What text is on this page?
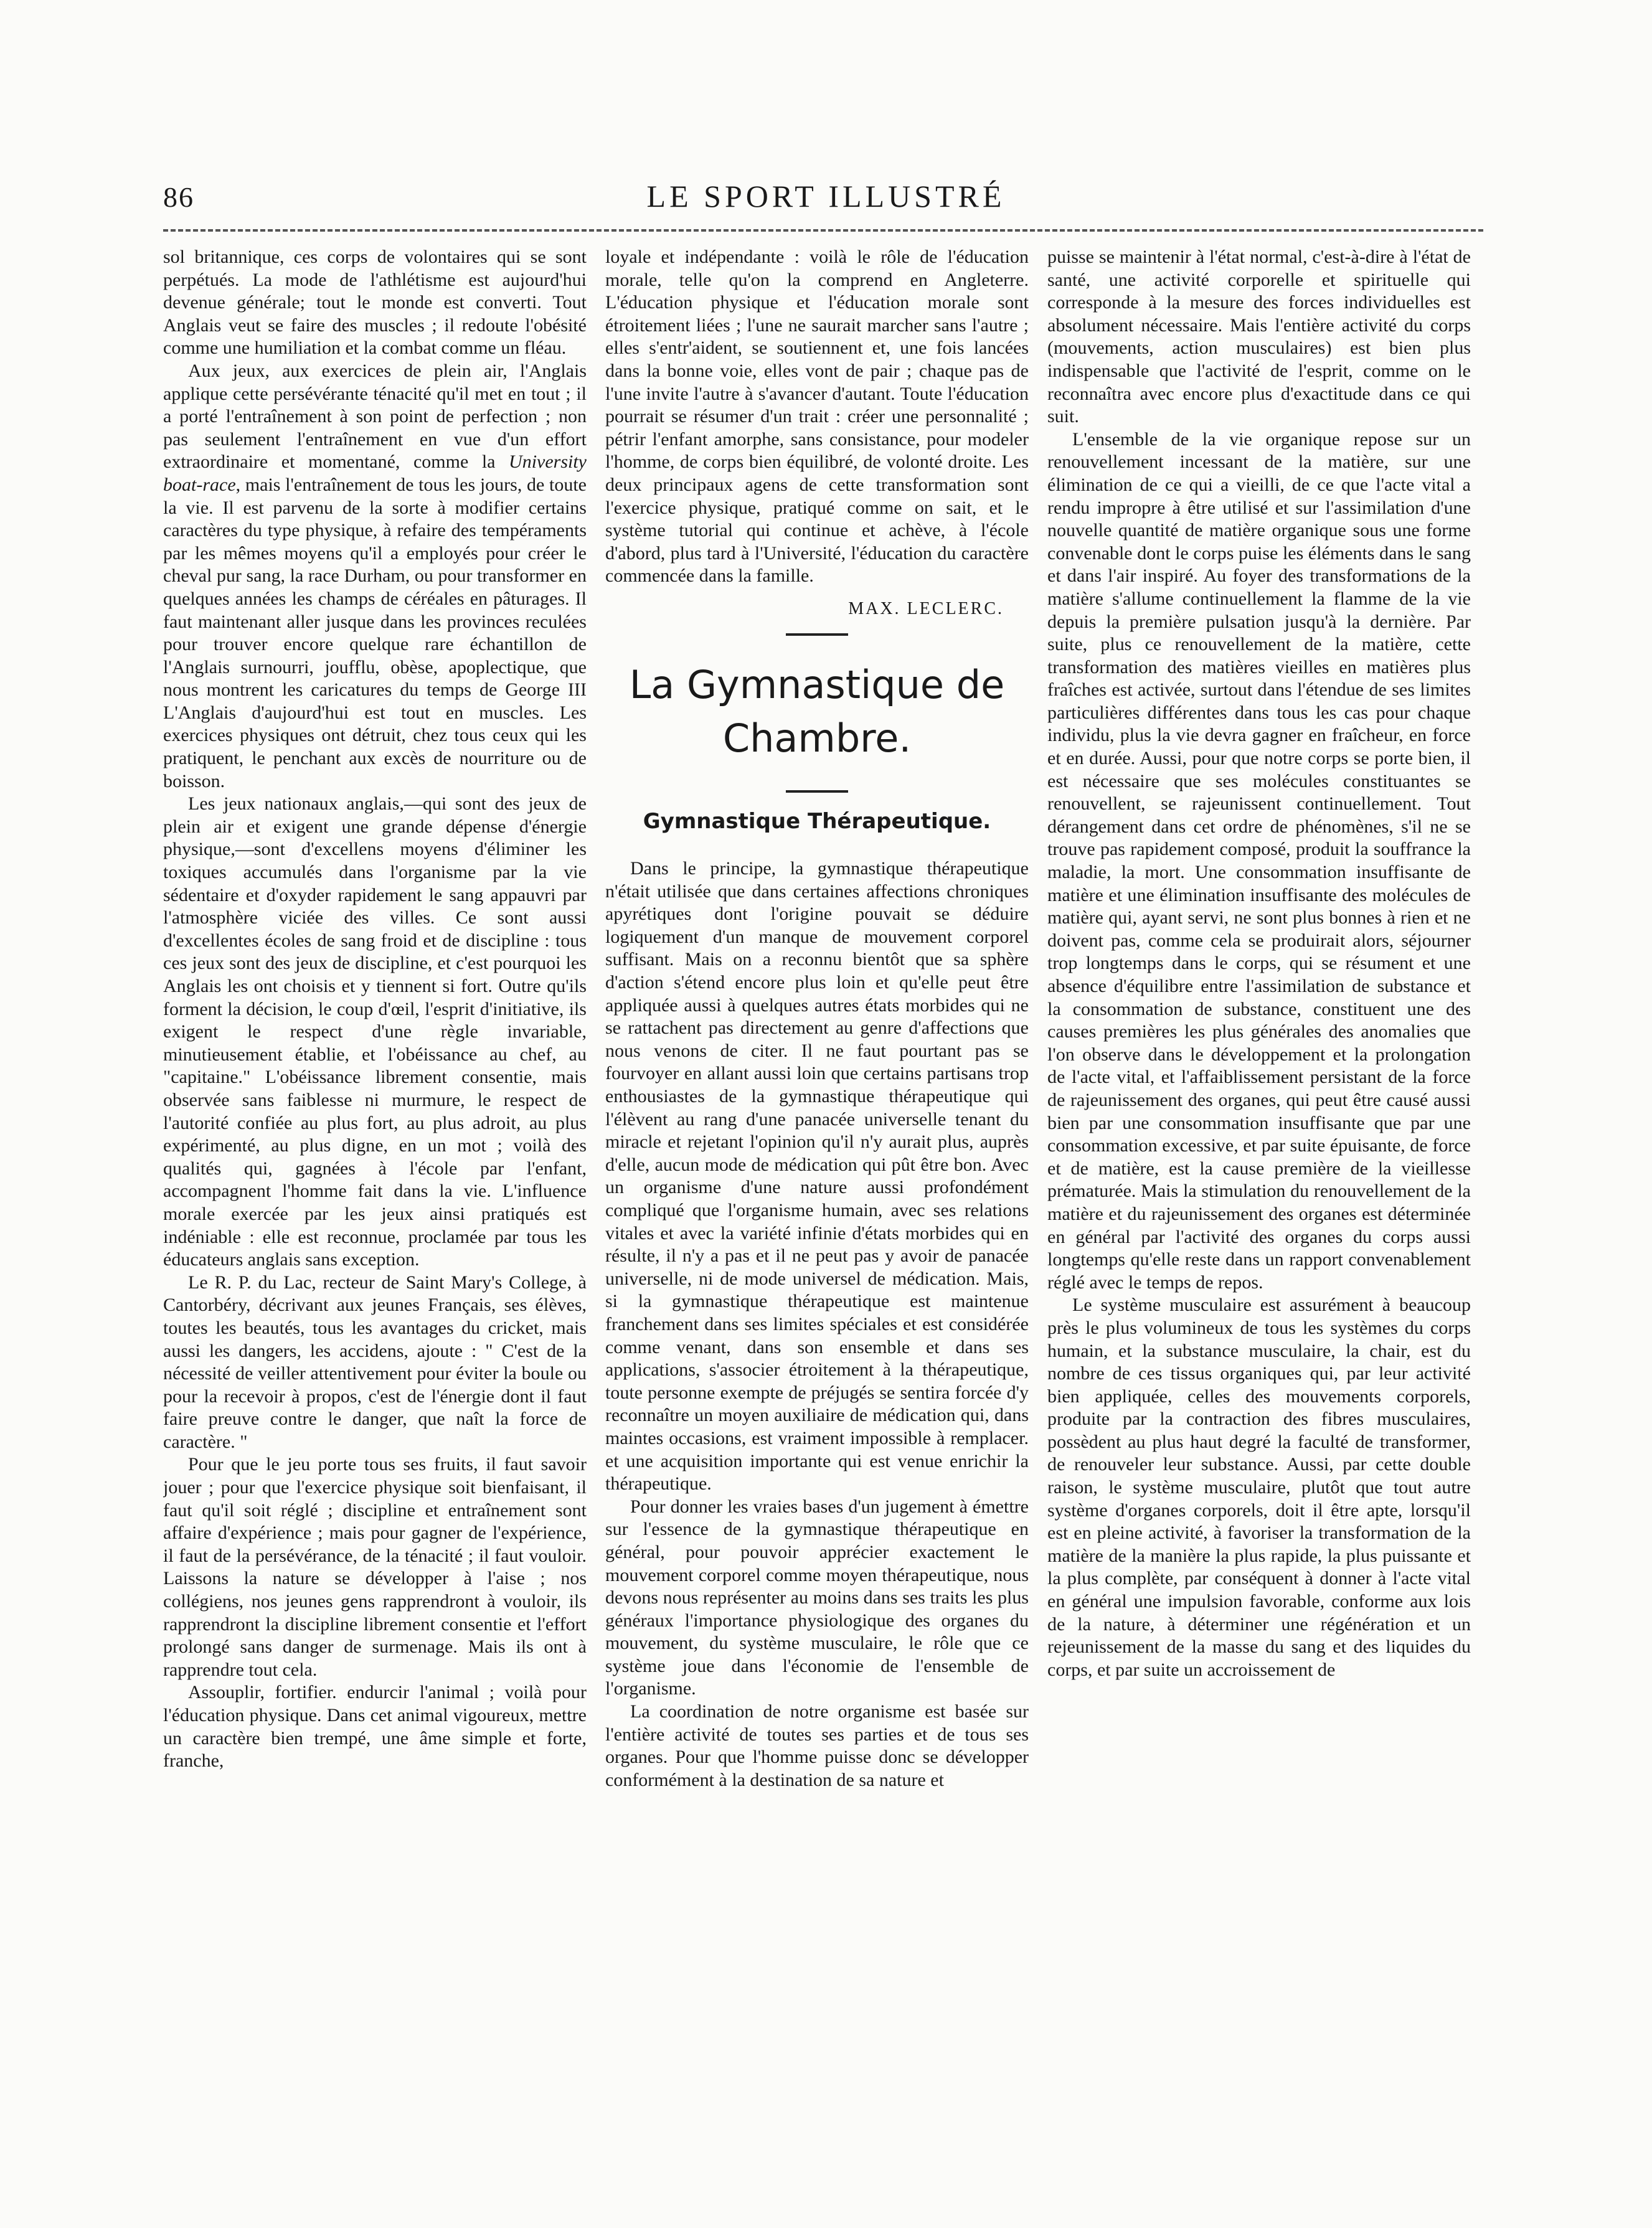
86	LE SPORT ILLUSTRÉ

sol britannique, ces corps de volontaires qui se sont perpétués. La mode de l'athlétisme est aujourd'hui devenue générale; tout le monde est converti. Tout Anglais veut se faire des muscles ; il redoute l'obésité comme une humiliation et la combat comme un fléau.

Aux jeux, aux exercices de plein air, l'Anglais applique cette persévérante ténacité qu'il met en tout ; il a porté l'entraînement à son point de perfection ; non pas seulement l'entraînement en vue d'un effort extraordinaire et momentané, comme la University boat-race, mais l'entraînement de tous les jours, de toute la vie. Il est parvenu de la sorte à modifier certains caractères du type physique, à refaire des tempéraments par les mêmes moyens qu'il a employés pour créer le cheval pur sang, la race Durham, ou pour transformer en quelques années les champs de céréales en pâturages. Il faut maintenant aller jusque dans les provinces reculées pour trouver encore quelque rare échantillon de l'Anglais surnourri, joufflu, obèse, apoplectique, que nous montrent les caricatures du temps de George III L'Anglais d'aujourd'hui est tout en muscles. Les exercices physiques ont détruit, chez tous ceux qui les pratiquent, le penchant aux excès de nourriture ou de boisson.

Les jeux nationaux anglais,—qui sont des jeux de plein air et exigent une grande dépense d'énergie physique,—sont d'excellens moyens d'éliminer les toxiques accumulés dans l'organisme par la vie sédentaire et d'oxyder rapidement le sang appauvri par l'atmosphère viciée des villes. Ce sont aussi d'excellentes écoles de sang froid et de discipline : tous ces jeux sont des jeux de discipline, et c'est pourquoi les Anglais les ont choisis et y tiennent si fort. Outre qu'ils forment la décision, le coup d'œil, l'esprit d'initiative, ils exigent le respect d'une règle invariable, minutieusement établie, et l'obéissance au chef, au "capitaine." L'obéissance librement consentie, mais observée sans faiblesse ni murmure, le respect de l'autorité confiée au plus fort, au plus adroit, au plus expérimenté, au plus digne, en un mot ; voilà des qualités qui, gagnées à l'école par l'enfant, accompagnent l'homme fait dans la vie. L'influence morale exercée par les jeux ainsi pratiqués est indéniable : elle est reconnue, proclamée par tous les éducateurs anglais sans exception.

Le R. P. du Lac, recteur de Saint Mary's College, à Cantorbéry, décrivant aux jeunes Français, ses élèves, toutes les beautés, tous les avantages du cricket, mais aussi les dangers, les accidens, ajoute : " C'est de la nécessité de veiller attentivement pour éviter la boule ou pour la recevoir à propos, c'est de l'énergie dont il faut faire preuve contre le danger, que naît la force de caractère. "

Pour que le jeu porte tous ses fruits, il faut savoir jouer ; pour que l'exercice physique soit bienfaisant, il faut qu'il soit réglé ; discipline et entraînement sont affaire d'expérience ; mais pour gagner de l'expérience, il faut de la persévérance, de la ténacité ; il faut vouloir. Laissons la nature se développer à l'aise ; nos collégiens, nos jeunes gens rapprendront à vouloir, ils rapprendront la discipline librement consentie et l'effort prolongé sans danger de surmenage. Mais ils ont à rapprendre tout cela.

Assouplir, fortifier. endurcir l'animal ; voilà pour l'éducation physique. Dans cet animal vigoureux, mettre un caractère bien trempé, une âme simple et forte, franche,

loyale et indépendante : voilà le rôle de l'éducation morale, telle qu'on la comprend en Angleterre. L'éducation physique et l'éducation morale sont étroitement liées ; l'une ne saurait marcher sans l'autre ; elles s'entr'aident, se soutiennent et, une fois lancées dans la bonne voie, elles vont de pair ; chaque pas de l'une invite l'autre à s'avancer d'autant. Toute l'éducation pourrait se résumer d'un trait : créer une personnalité ; pétrir l'enfant amorphe, sans consistance, pour modeler l'homme, de corps bien équilibré, de volonté droite. Les deux principaux agens de cette transformation sont l'exercice physique, pratiqué comme on sait, et le système tutorial qui continue et achève, à l'école d'abord, plus tard à l'Université, l'éducation du caractère commencée dans la famille.

MAX. LECLERC.
La Gymnastique de
Chambre.
Gymnastique Thérapeutique.

Dans le principe, la gymnastique thérapeutique n'était utilisée que dans certaines affections chroniques apyrétiques dont l'origine pouvait se déduire logiquement d'un manque de mouvement corporel suffisant. Mais on a reconnu bientôt que sa sphère d'action s'étend encore plus loin et qu'elle peut être appliquée aussi à quelques autres états morbides qui ne se rattachent pas directement au genre d'affections que nous venons de citer. Il ne faut pourtant pas se fourvoyer en allant aussi loin que certains partisans trop enthousiastes de la gymnastique thérapeutique qui l'élèvent au rang d'une panacée universelle tenant du miracle et rejetant l'opinion qu'il n'y aurait plus, auprès d'elle, aucun mode de médication qui pût être bon. Avec un organisme d'une nature aussi profondément compliqué que l'organisme humain, avec ses relations vitales et avec la variété infinie d'états morbides qui en résulte, il n'y a pas et il ne peut pas y avoir de panacée universelle, ni de mode universel de médication. Mais, si la gymnastique thérapeutique est maintenue franchement dans ses limites spéciales et est considérée comme venant, dans son ensemble et dans ses applications, s'associer étroitement à la thérapeutique, toute personne exempte de préjugés se sentira forcée d'y reconnaître un moyen auxiliaire de médication qui, dans maintes occasions, est vraiment impossible à remplacer. et une acquisition importante qui est venue enrichir la thérapeutique.

Pour donner les vraies bases d'un jugement à émettre sur l'essence de la gymnastique thérapeutique en général, pour pouvoir apprécier exactement le mouvement corporel comme moyen thérapeutique, nous devons nous représenter au moins dans ses traits les plus généraux l'importance physiologique des organes du mouvement, du système musculaire, le rôle que ce système joue dans l'économie de l'ensemble de l'organisme.

La coordination de notre organisme est basée sur l'entière activité de toutes ses parties et de tous ses organes. Pour que l'homme puisse donc se développer conformément à la destination de sa nature et

puisse se maintenir à l'état normal, c'est-à-dire à l'état de santé, une activité corporelle et spirituelle qui corresponde à la mesure des forces individuelles est absolument nécessaire. Mais l'entière activité du corps (mouvements, action musculaires) est bien plus indispensable que l'activité de l'esprit, comme on le reconnaîtra avec encore plus d'exactitude dans ce qui suit.

L'ensemble de la vie organique repose sur un renouvellement incessant de la matière, sur une élimination de ce qui a vieilli, de ce que l'acte vital a rendu impropre à être utilisé et sur l'assimilation d'une nouvelle quantité de matière organique sous une forme convenable dont le corps puise les éléments dans le sang et dans l'air inspiré. Au foyer des transformations de la matière s'allume continuellement la flamme de la vie depuis la première pulsation jusqu'à la dernière. Par suite, plus ce renouvellement de la matière, cette transformation des matières vieilles en matières plus fraîches est activée, surtout dans l'étendue de ses limites particulières différentes dans tous les cas pour chaque individu, plus la vie devra gagner en fraîcheur, en force et en durée. Aussi, pour que notre corps se porte bien, il est nécessaire que ses molécules constituantes se renouvellent, se rajeunissent continuellement. Tout dérangement dans cet ordre de phénomènes, s'il ne se trouve pas rapidement composé, produit la souffrance la maladie, la mort. Une consommation insuffisante de matière et une élimination insuffisante des molécules de matière qui, ayant servi, ne sont plus bonnes à rien et ne doivent pas, comme cela se produirait alors, séjourner trop longtemps dans le corps, qui se résument et une absence d'équilibre entre l'assimilation de substance et la consommation de substance, constituent une des causes premières les plus générales des anomalies que l'on observe dans le développement et la prolongation de l'acte vital, et l'affaiblissement persistant de la force de rajeunissement des organes, qui peut être causé aussi bien par une consommation insuffisante que par une consommation excessive, et par suite épuisante, de force et de matière, est la cause première de la vieillesse prématurée. Mais la stimulation du renouvellement de la matière et du rajeunissement des organes est déterminée en général par l'activité des organes du corps aussi longtemps qu'elle reste dans un rapport convenablement réglé avec le temps de repos.

Le système musculaire est assurément à beaucoup près le plus volumineux de tous les systèmes du corps humain, et la substance musculaire, la chair, est du nombre de ces tissus organiques qui, par leur activité bien appliquée, celles des mouvements corporels, produite par la contraction des fibres musculaires, possèdent au plus haut degré la faculté de transformer, de renouveler leur substance. Aussi, par cette double raison, le système musculaire, plutôt que tout autre système d'organes corporels, doit il être apte, lorsqu'il est en pleine activité, à favoriser la transformation de la matière de la manière la plus rapide, la plus puissante et la plus complète, par conséquent à donner à l'acte vital en général une impulsion favorable, conforme aux lois de la nature, à déterminer une régénération et un rejeunissement de la masse du sang et des liquides du corps, et par suite un accroissement de
